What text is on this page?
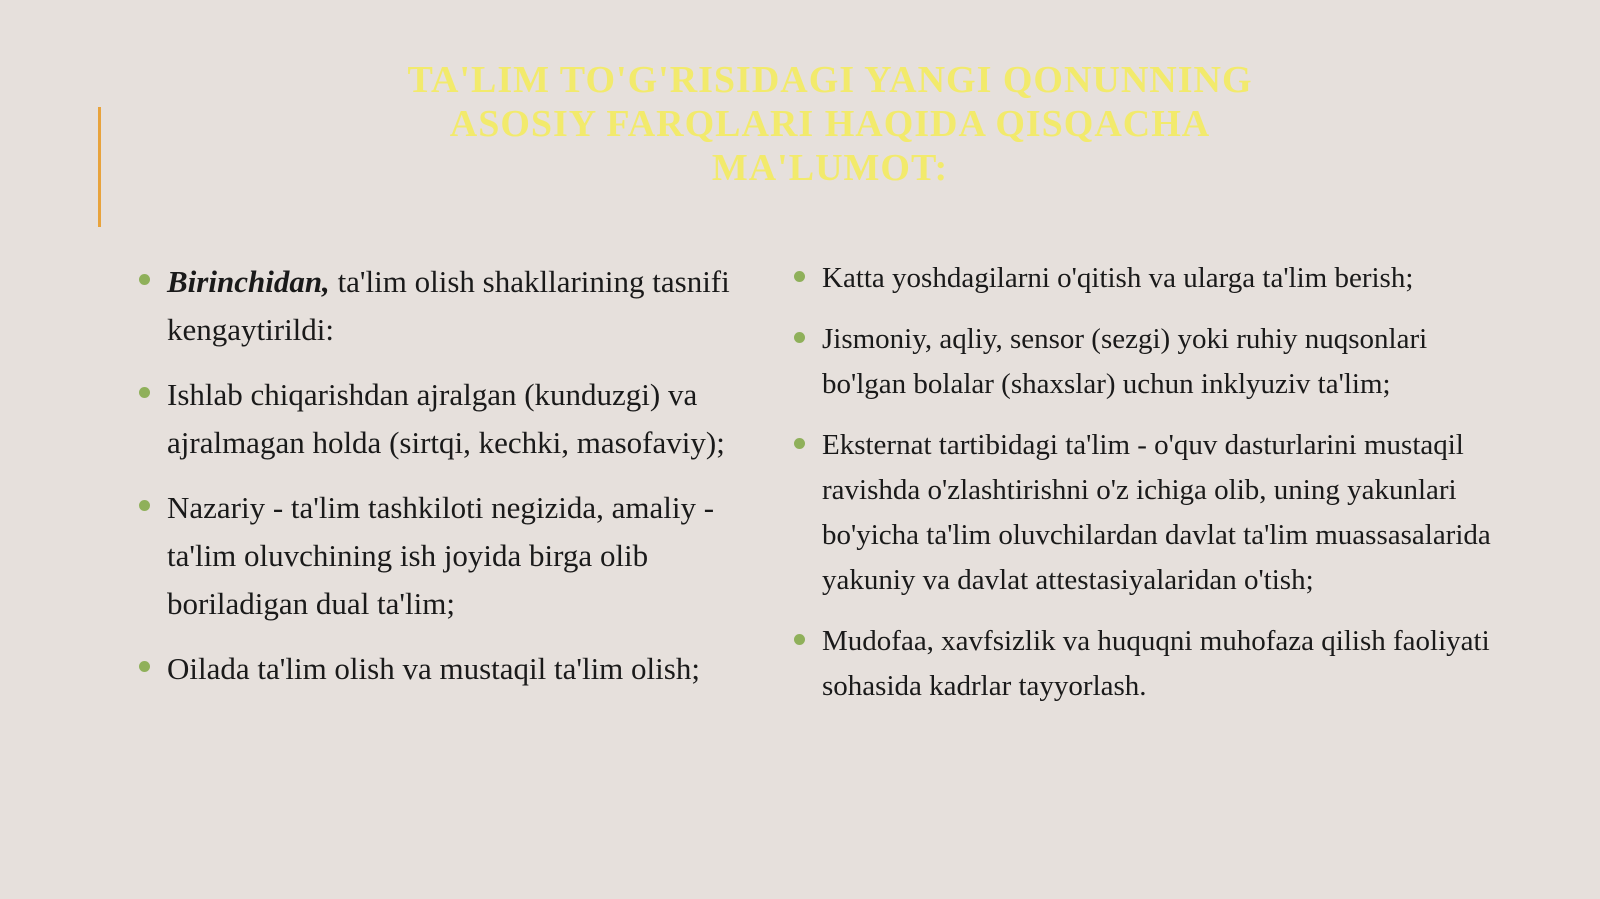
TA'LIM TO'G'RISIDAGI YANGI QONUNNING
ASOSIY FARQLARI HAQIDA QISQACHA
MA'LUMOT:
Birinchidan, ta'lim olish shakllarining tasnifi kengaytirildi:
Ishlab chiqarishdan ajralgan (kunduzgi) va ajralmagan holda (sirtqi, kechki, masofaviy);
Nazariy - ta'lim tashkiloti negizida, amaliy - ta'lim oluvchining ish joyida birga olib boriladigan dual ta'lim;
Oilada ta'lim olish va mustaqil ta'lim olish;
Katta yoshdagilarni o'qitish va ularga ta'lim berish;
Jismoniy, aqliy, sensor (sezgi) yoki ruhiy nuqsonlari bo'lgan bolalar (shaxslar) uchun inklyuziv ta'lim;
Eksternat tartibidagi ta'lim - o'quv dasturlarini mustaqil ravishda o'zlashtirishni o'z ichiga olib, uning yakunlari bo'yicha ta'lim oluvchilardan davlat ta'lim muassasalarida yakuniy va davlat attestasiyalaridan o'tish;
Mudofaa, xavfsizlik va huquqni muhofaza qilish faoliyati sohasida kadrlar tayyorlash.
